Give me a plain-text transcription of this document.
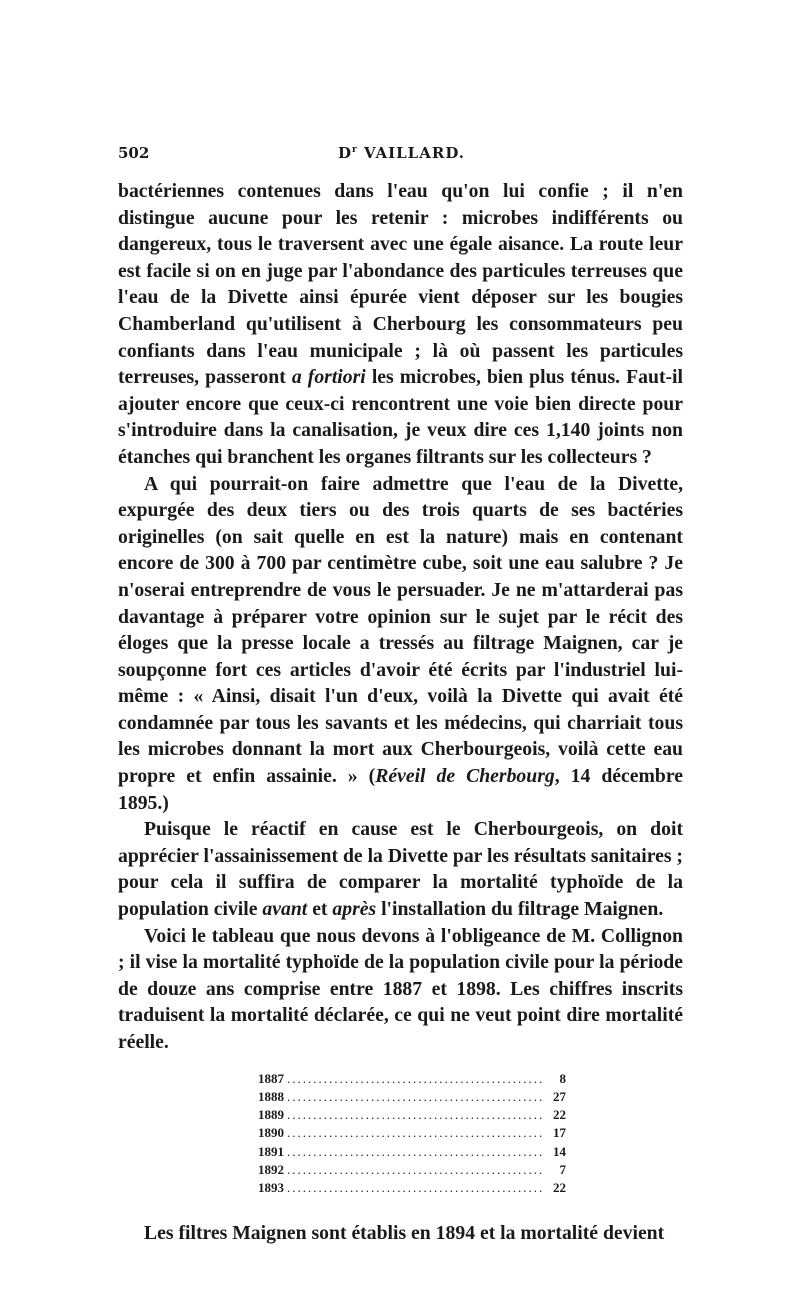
502	$D^r$ VAILLARD.

bactériennes contenues dans l'eau qu'on lui confie ; il n'en distingue aucune pour les retenir : microbes indifférents ou dangereux, tous le traversent avec une égale aisance. La route leur est facile si on en juge par l'abondance des particules terreuses que l'eau de la Divette ainsi épurée vient déposer sur les bougies Chamberland qu'utilisent à Cherbourg les consommateurs peu confiants dans l'eau municipale ; là où passent les particules terreuses, passeront a fortiori les microbes, bien plus ténus. Faut-il ajouter encore que ceux-ci rencontrent une voie bien directe pour s'introduire dans la canalisation, je veux dire ces 1,140 joints non étanches qui branchent les organes filtrants sur les collecteurs ?

A qui pourrait-on faire admettre que l'eau de la Divette, expurgée des deux tiers ou des trois quarts de ses bactéries originelles (on sait quelle en est la nature) mais en contenant encore de 300 à 700 par centimètre cube, soit une eau salubre ? Je n'oserai entreprendre de vous le persuader. Je ne m'attarderai pas davantage à préparer votre opinion sur le sujet par le récit des éloges que la presse locale a tressés au filtrage Maignen, car je soupçonne fort ces articles d'avoir été écrits par l'industriel lui-même : « Ainsi, disait l'un d'eux, voilà la Divette qui avait été condamnée par tous les savants et les médecins, qui charriait tous les microbes donnant la mort aux Cherbourgeois, voilà cette eau propre et enfin assainie. » (Réveil de Cherbourg, 14 décembre 1895.)

Puisque le réactif en cause est le Cherbourgeois, on doit apprécier l'assainissement de la Divette par les résultats sanitaires ; pour cela il suffira de comparer la mortalité typhoïde de la population civile avant et après l'installation du filtrage Maignen.

Voici le tableau que nous devons à l'obligeance de M. Collignon ; il vise la mortalité typhoïde de la population civile pour la période de douze ans comprise entre 1887 et 1898. Les chiffres inscrits traduisent la mortalité déclarée, ce qui ne veut point dire mortalité réelle.

1887 .....	8
1888 .....	27
1889 .....	22
1890 .....	17
1891 .....	14
1892 .....	7
1893 .....	22

Les filtres Maignen sont établis en 1894 et la mortalité devient
